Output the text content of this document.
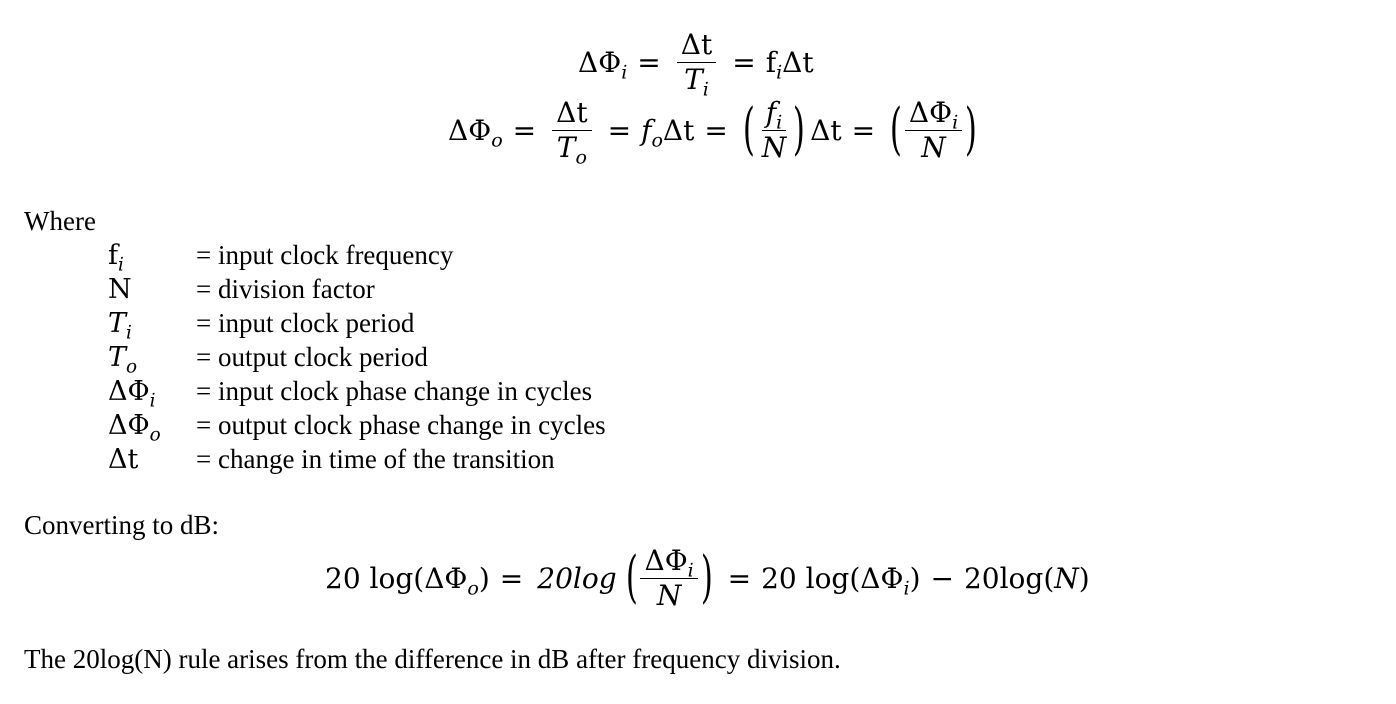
$\Delta\Phi_i = \frac{\Delta t}{T_i} = f_i\Delta t$
$\Delta\Phi_o = \frac{\Delta t}{T_o} = f_o\Delta t$ = ( $\frac{f_i}{N}$ ) Δt = ( $\frac{\Delta\Phi_i}{N}$ )
Where
$f_i$	= input clock frequency
N	= division factor
$T_i$	= input clock period
$T_o$	= output clock period
$\Delta\Phi_i$	= input clock phase change in cycles
$\Delta\Phi_o$	= output clock phase change in cycles
Δt	= change in time of the transition
Converting to dB:
20 $\log(\Delta\Phi_o) = 20\log$ ( $\frac{\Delta\Phi_i}{N}$ ) = 20 $\log(\Delta\Phi_i) - 20\log(N)$
The 20log(N) rule arises from the difference in dB after frequency division.
